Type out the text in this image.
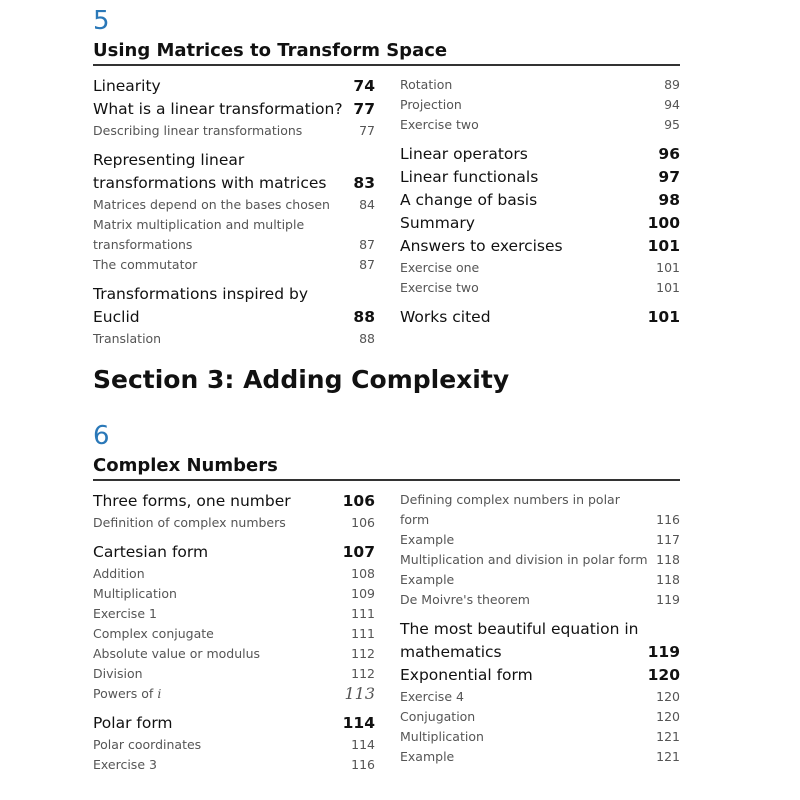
5
Using Matrices to Transform Space
Linearity	74
What is a linear transformation? 77
Describing linear transformations	77
Representing linear transformations with matrices	83
Matrices depend on the bases chosen	84
Matrix multiplication and multiple transformations	87
The commutator	87
Transformations inspired by Euclid	88
Translation	88
Rotation	89
Projection	94
Exercise two	95
Linear operators	96
Linear functionals	97
A change of basis	98
Summary	100
Answers to exercises	101
Exercise one	101
Exercise two	101
Works cited	101
Section 3: Adding Complexity
6
Complex Numbers
Three forms, one number	106
Definition of complex numbers	106
Cartesian form	107
Addition	108
Multiplication	109
Exercise 1	111
Complex conjugate	111
Absolute value or modulus	112
Division	112
Powers of i	113
Polar form	114
Polar coordinates	114
Exercise 3	116
Defining complex numbers in polar form	116
Example	117
Multiplication and division in polar form 118
Example	118
De Moivre's theorem	119
The most beautiful equation in mathematics	119
Exponential form	120
Exercise 4	120
Conjugation	120
Multiplication	121
Example	121
